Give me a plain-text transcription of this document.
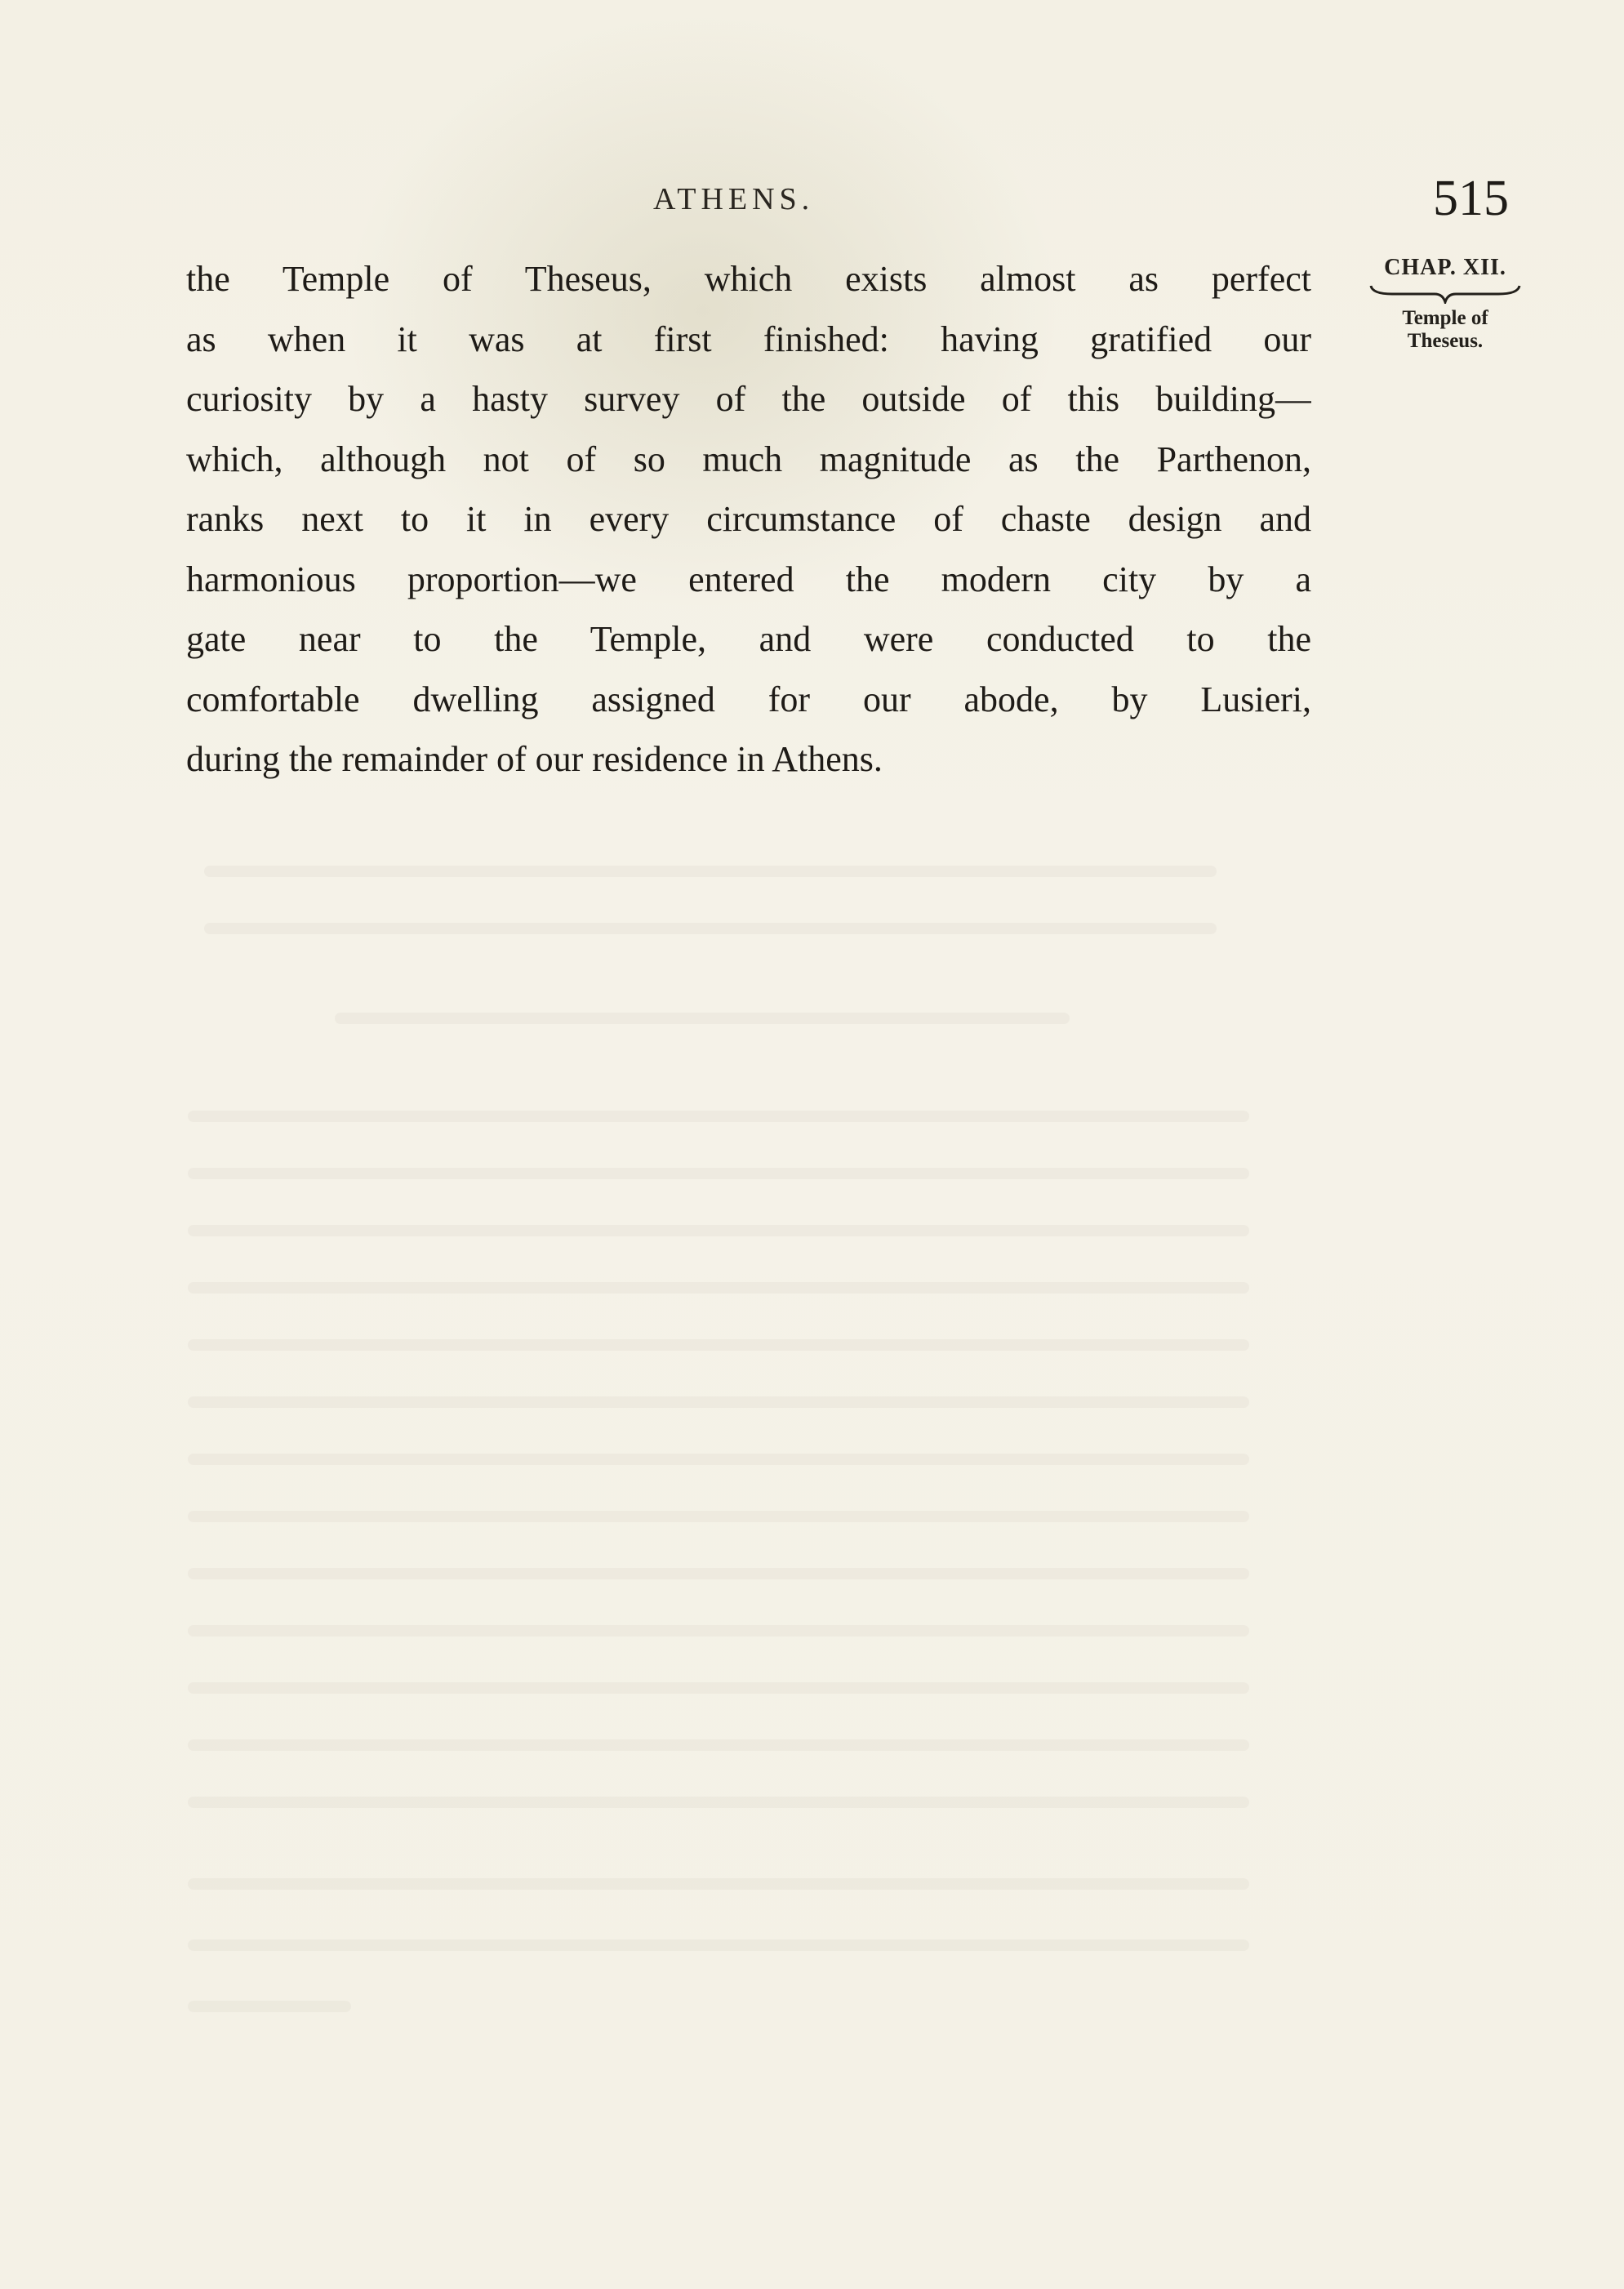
ATHENS.	515
CHAP. XII.
Temple of
Theseus.
the Temple of Theseus, which exists almost as perfect
as when it was at first finished: having gratified our
curiosity by a hasty survey of the outside of this building—
which, although not of so much magnitude as the Parthenon,
ranks next to it in every circumstance of chaste design and
harmonious proportion—we entered the modern city by a
gate near to the Temple, and were conducted to the
comfortable dwelling assigned for our abode, by Lusieri,
during the remainder of our residence in Athens.
